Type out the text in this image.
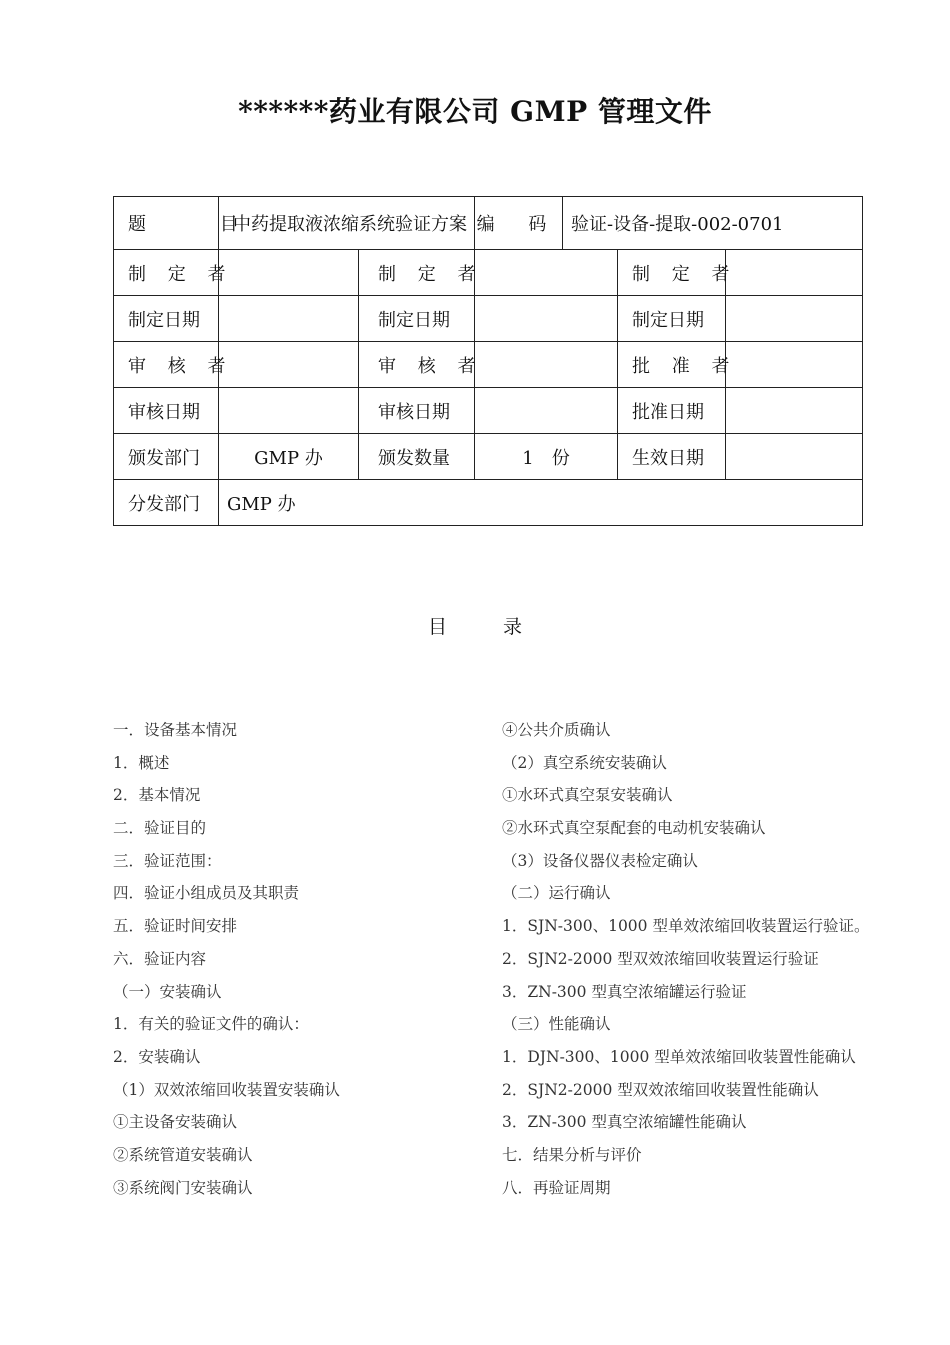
******药业有限公司 GMP 管理文件
题 目	中药提取液浓缩系统验证方案		编 码 验证-设备-提取-002-0701		

制 定 者		制 定 者		制 定 者	
制定日期		制定日期		制定日期	
审 核 者		审 核 者		批 准 者	
审核日期		审核日期		批准日期	
颁发部门	GMP 办	颁发数量	1　份	生效日期	
分发部门	GMP 办				
目	录
一．设备基本情况
1．概述
2．基本情况
二．验证目的
三．验证范围：
四．验证小组成员及其职责
五．验证时间安排
六．验证内容
（一）安装确认
1．有关的验证文件的确认：
2．安装确认
（1）双效浓缩回收装置安装确认
①主设备安装确认
②系统管道安装确认
③系统阀门安装确认
④公共介质确认
（2）真空系统安装确认
①水环式真空泵安装确认
②水环式真空泵配套的电动机安装确认
（3）设备仪器仪表检定确认
（二）运行确认
1．SJN-300、1000 型单效浓缩回收装置运行验证。
2．SJN2-2000 型双效浓缩回收装置运行验证
3．ZN-300 型真空浓缩罐运行验证
（三）性能确认
1．DJN-300、1000 型单效浓缩回收装置性能确认
2．SJN2-2000 型双效浓缩回收装置性能确认
3．ZN-300 型真空浓缩罐性能确认
七．结果分析与评价
八．再验证周期
